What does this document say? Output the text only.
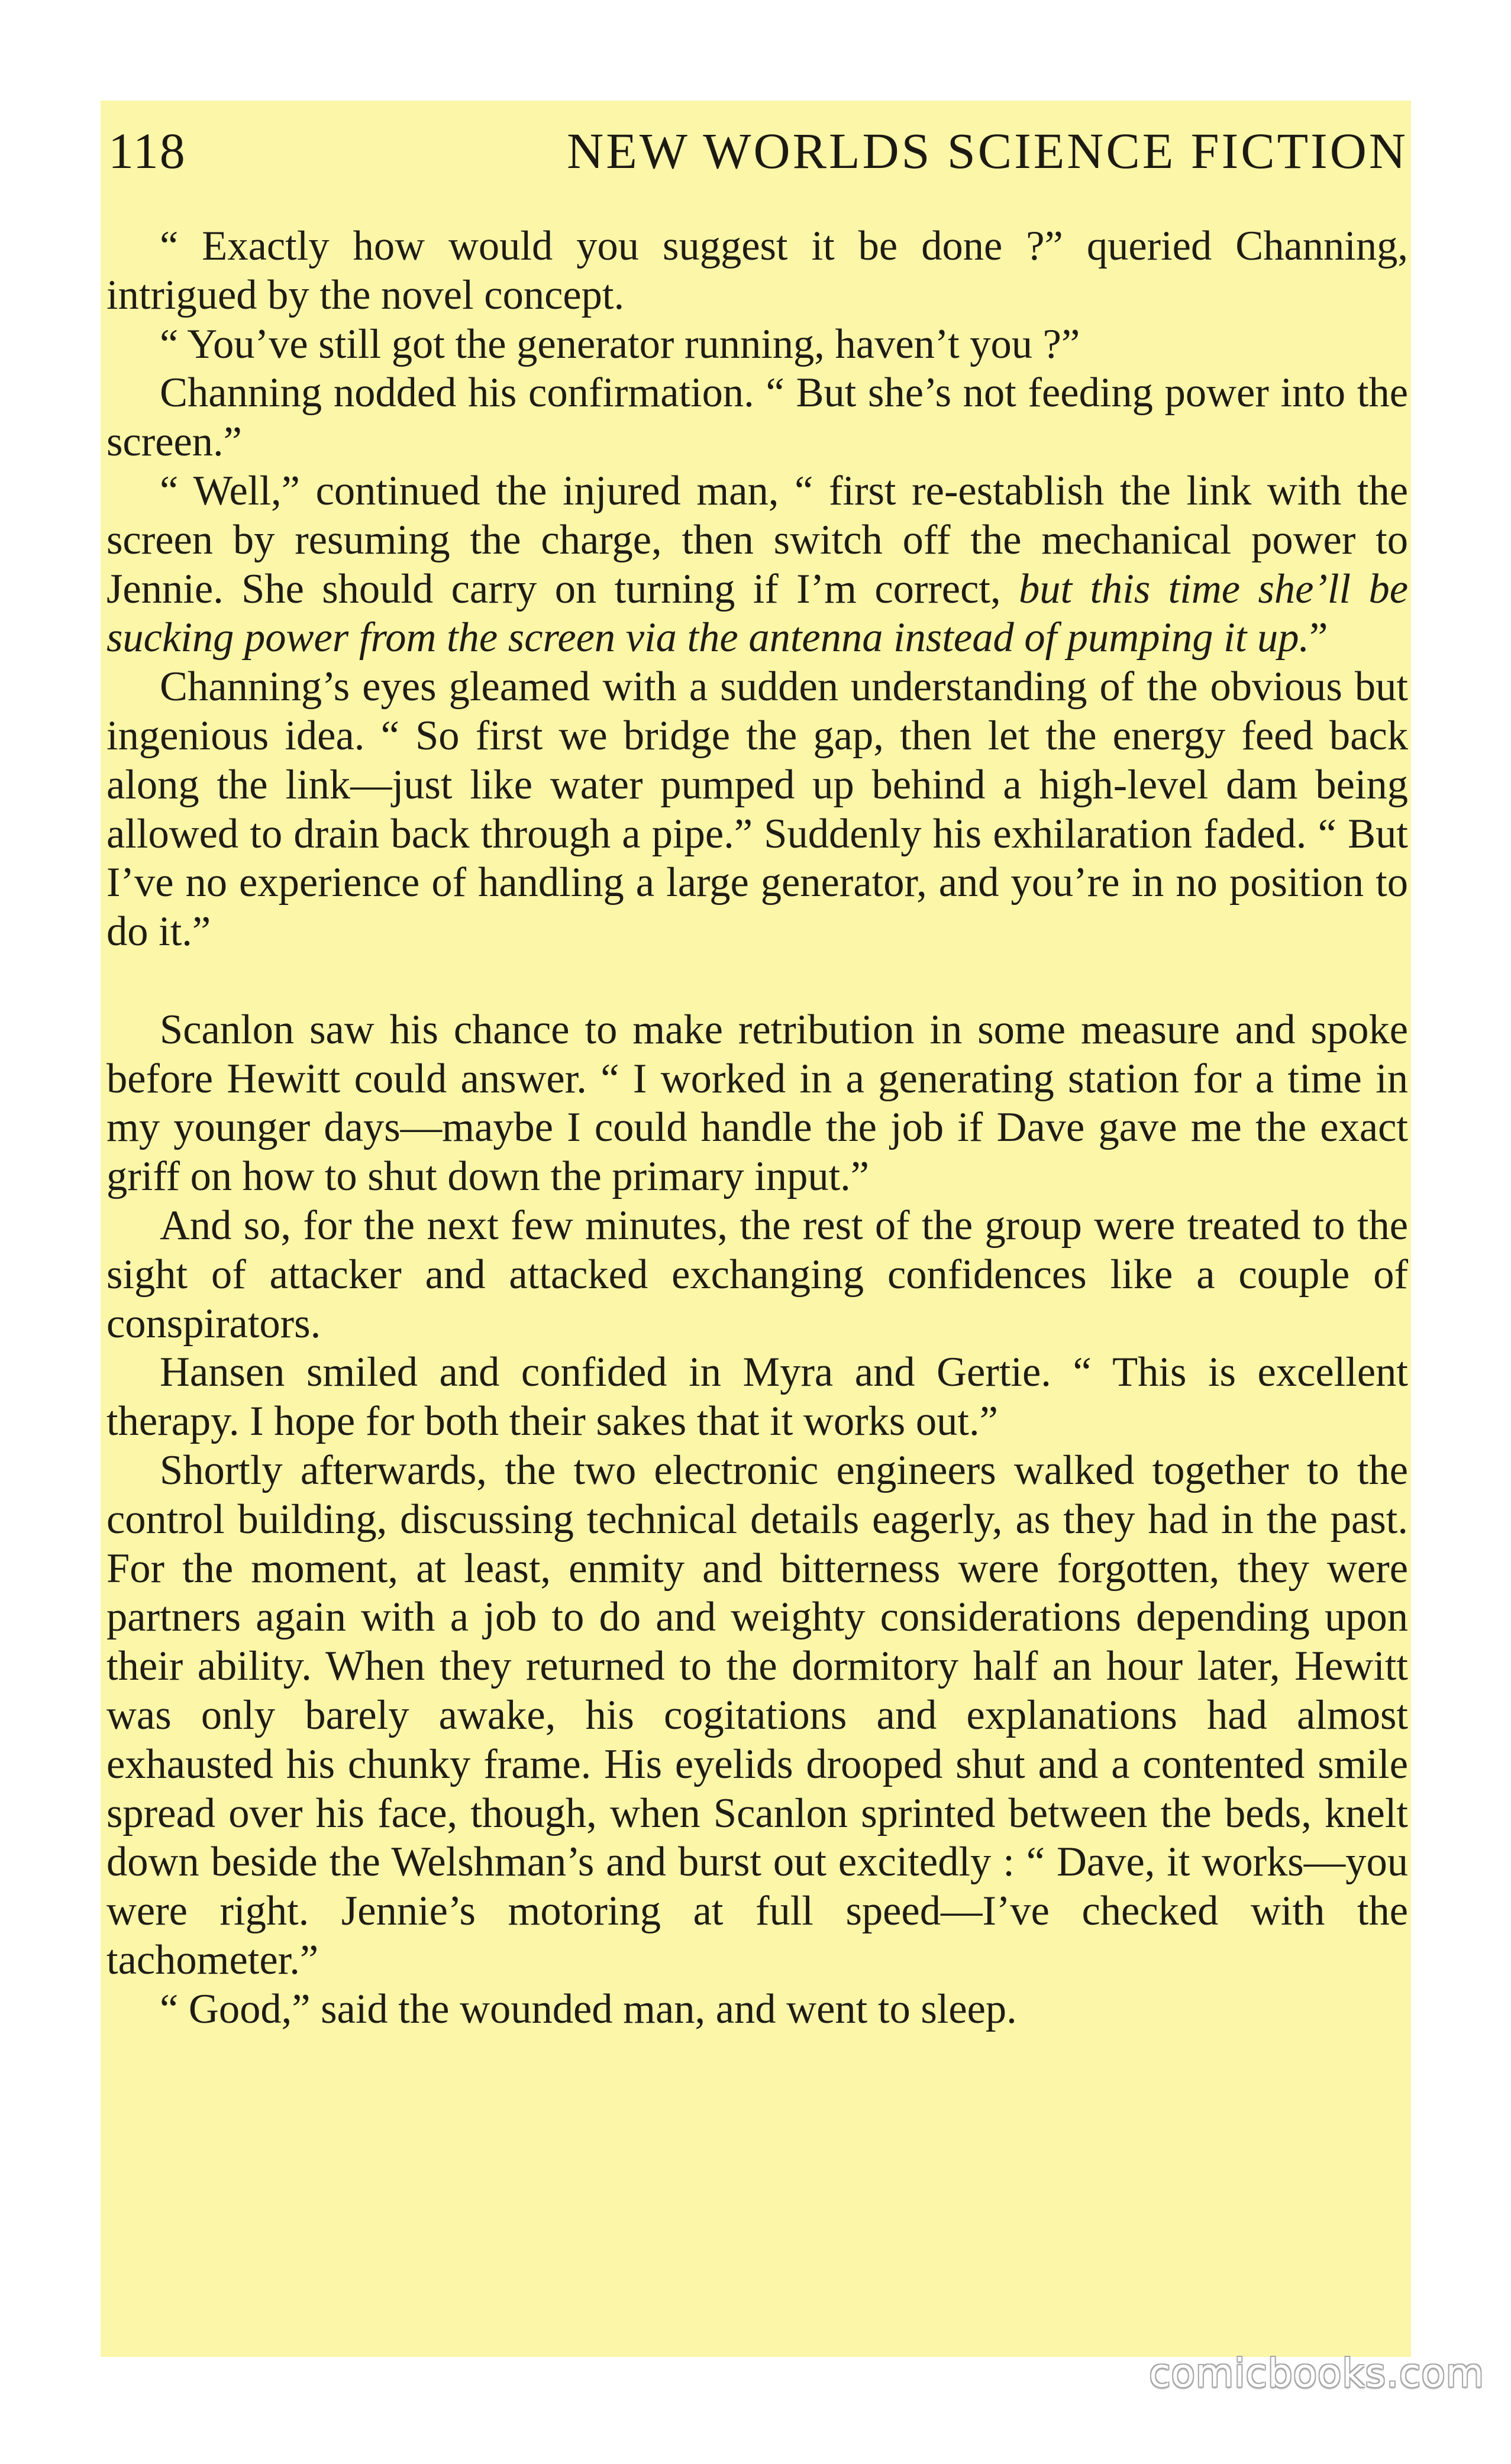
118	NEW WORLDS SCIENCE FICTION

“ Exactly how would you suggest it be done ?” queried Channing, intrigued by the novel concept.

“ You’ve still got the generator running, haven’t you ?”

Channing nodded his confirmation. “ But she’s not feeding power into the screen.”

“ Well,” continued the injured man, “ first re-establish the link with the screen by resuming the charge, then switch off the mechanical power to Jennie. She should carry on turning if I’m correct, but this time she’ll be sucking power from the screen via the antenna instead of pumping it up.”

Channing’s eyes gleamed with a sudden understanding of the obvious but ingenious idea. “ So first we bridge the gap, then let the energy feed back along the link—just like water pumped up behind a high-level dam being allowed to drain back through a pipe.” Suddenly his exhilaration faded. “ But I’ve no experience of handling a large generator, and you’re in no position to do it.”

Scanlon saw his chance to make retribution in some measure and spoke before Hewitt could answer. “ I worked in a generating station for a time in my younger days—maybe I could handle the job if Dave gave me the exact griff on how to shut down the primary input.”

And so, for the next few minutes, the rest of the group were treated to the sight of attacker and attacked exchanging confidences like a couple of conspirators.

Hansen smiled and confided in Myra and Gertie. “ This is excellent therapy. I hope for both their sakes that it works out.”

Shortly afterwards, the two electronic engineers walked together to the control building, discussing technical details eagerly, as they had in the past. For the moment, at least, enmity and bitterness were forgotten, they were partners again with a job to do and weighty considerations depending upon their ability. When they returned to the dormitory half an hour later, Hewitt was only barely awake, his cogitations and explanations had almost exhausted his chunky frame. His eyelids drooped shut and a contented smile spread over his face, though, when Scanlon sprinted between the beds, knelt down beside the Welshman’s and burst out excitedly : “ Dave, it works—you were right. Jennie’s motoring at full speed—I’ve checked with the tachometer.”

“ Good,” said the wounded man, and went to sleep.

comicbooks.com
